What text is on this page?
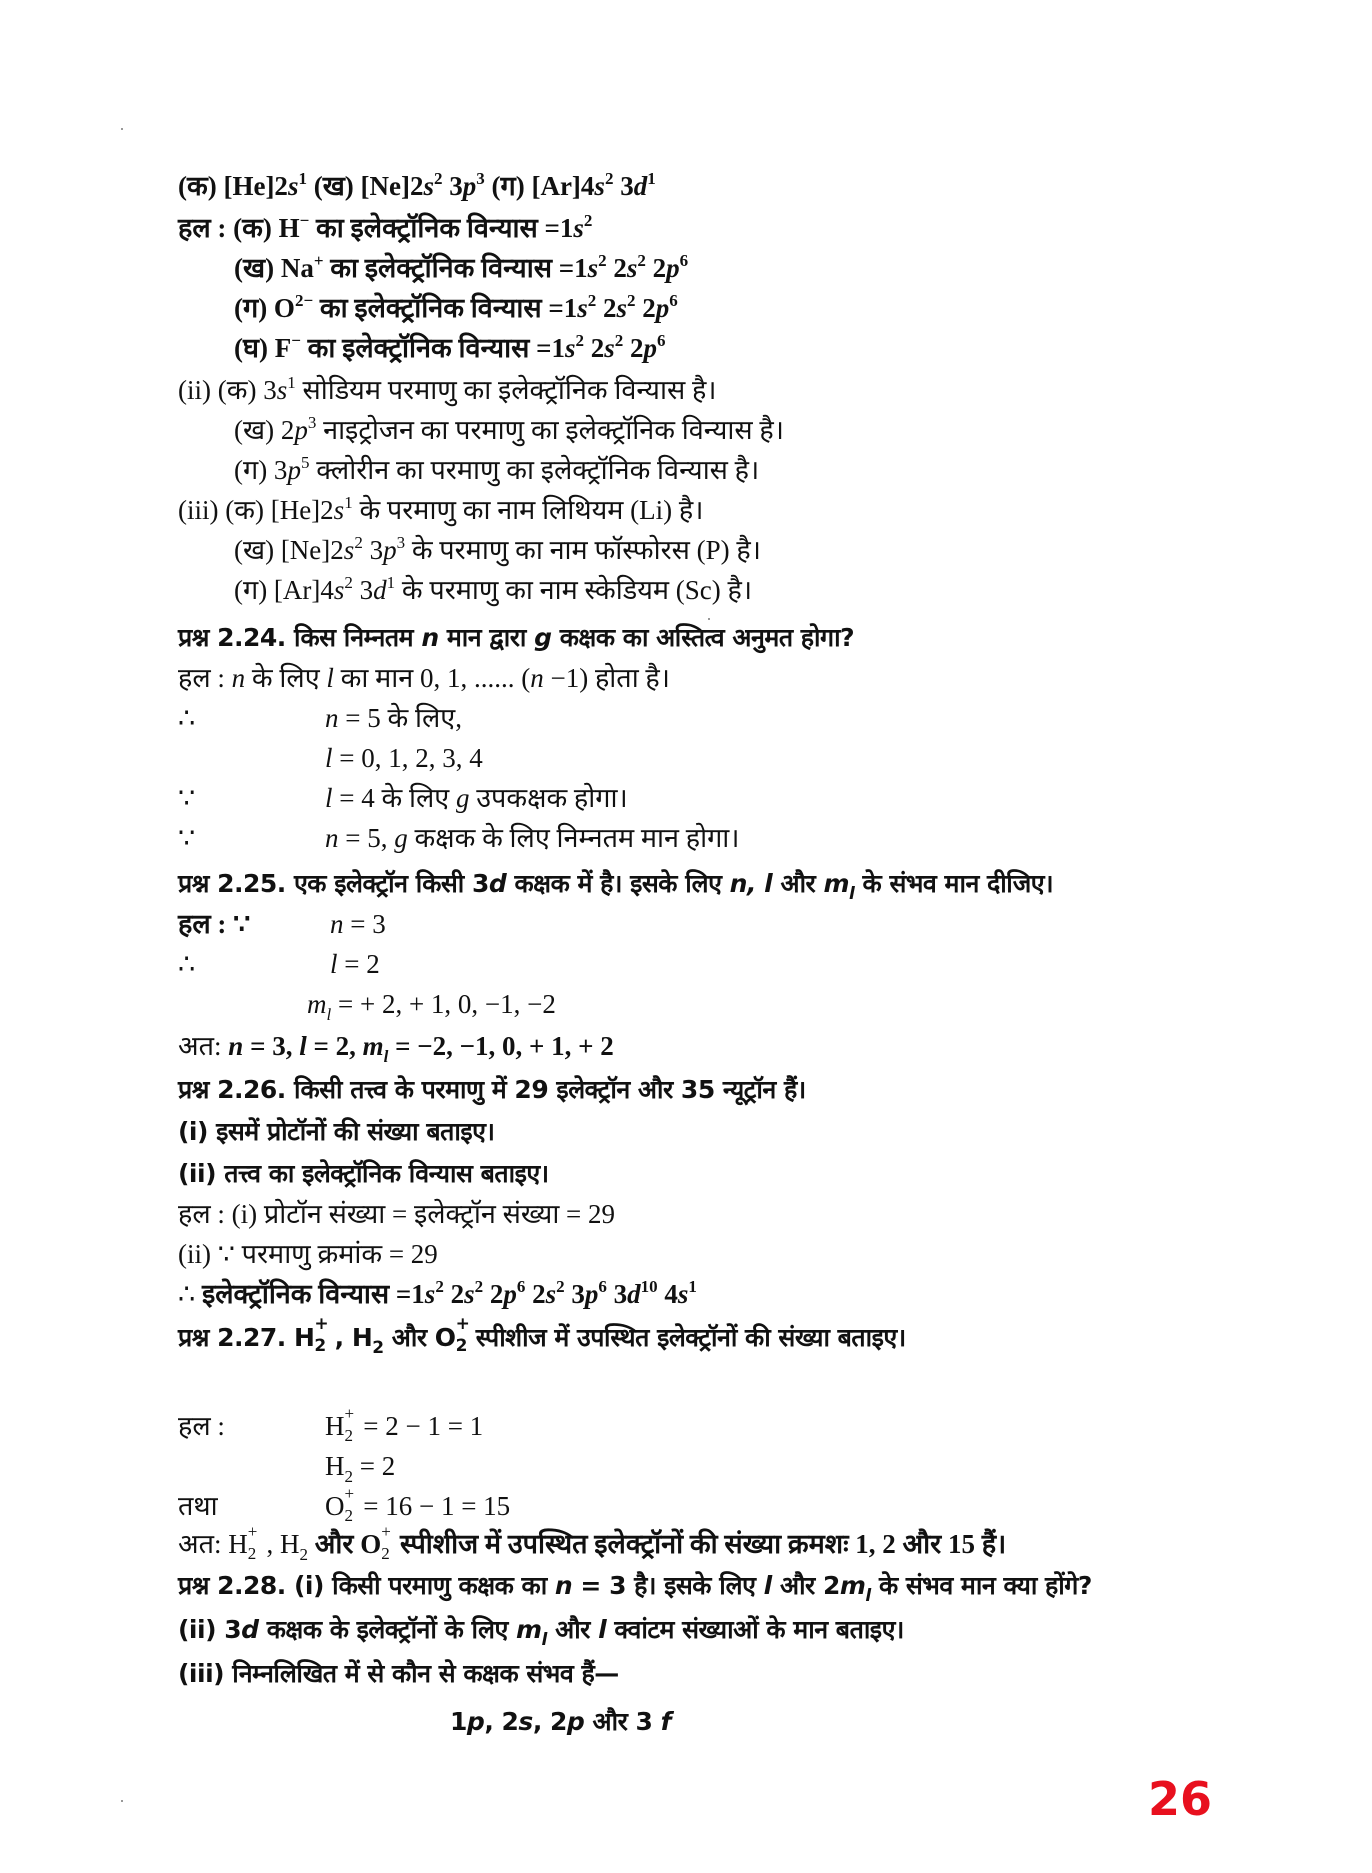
(क) $[He]2s^1$ (ख) $[Ne]2s^2$ $3p^3$ (ग) $[Ar]4s^2$ $3d^1$
हल : (क) H− का इलेक्ट्रॉनिक विन्यास $=1s^2$
(ख) Na+ का इलेक्ट्रॉनिक विन्यास $=1s^2$ $2s^2$ $2p^6$
(ग) $O^{2-}$ का इलेक्ट्रॉनिक विन्यास $=1s^2$ $2s^2$ $2p^6$
(घ) F− का इलेक्ट्रॉनिक विन्यास $=1s^2$ $2s^2$ $2p^6$
(ii) (क) $3s^1$ सोडियम परमाणु का इलेक्ट्रॉनिक विन्यास है।
(ख) $2p^3$ नाइट्रोजन का परमाणु का इलेक्ट्रॉनिक विन्यास है।
(ग) $3p^5$ क्लोरीन का परमाणु का इलेक्ट्रॉनिक विन्यास है।
(iii) (क) $[He]2s^1$ के परमाणु का नाम लिथियम (Li) है।
(ख) $[Ne]2s^2$ $3p^3$ के परमाणु का नाम फॉस्फोरस (P) है।
(ग) $[Ar]4s^2$ $3d^1$ के परमाणु का नाम स्केडियम (Sc) है।
प्रश्न 2.24. किस निम्नतम n मान द्वारा g कक्षक का अस्तित्व अनुमत होगा?
हल : n के लिए l का मान 0, 1, ...... (n −1) होता है।
∴	n = 5 के लिए,
l = 0, 1, 2, 3, 4
∵	l = 4 के लिए g उपकक्षक होगा।
∵	n = 5, g कक्षक के लिए निम्नतम मान होगा।
प्रश्न 2.25. एक इलेक्ट्रॉन किसी 3d कक्षक में है। इसके लिए n, l और $m_l$ के संभव मान दीजिए।
हल : ∵	n = 3
∴	l = 2
$m_l$ = + 2, + 1, 0, −1, −2
अत: n = 3, l = 2, $m_l = -2$, −1, 0, + 1, + 2
प्रश्न 2.26. किसी तत्त्व के परमाणु में 29 इलेक्ट्रॉन और 35 न्यूट्रॉन हैं।
(i) इसमें प्रोटॉनों की संख्या बताइए।
(ii) तत्त्व का इलेक्ट्रॉनिक विन्यास बताइए।
हल : (i) प्रोटॉन संख्या = इलेक्ट्रॉन संख्या = 29
(ii) ∵ परमाणु क्रमांक = 29
∴ इलेक्ट्रॉनिक विन्यास $=1s^2$ $2s^2$ $2p^6$ $2s^2$ $3p^6$ $3d^{10}$ $4s^1$
प्रश्न 2.27. H +
2 , $H_2$ और O +
2 स्पीशीज में उपस्थित इलेक्ट्रॉनों की संख्या बताइए।
हल :	H +
2 = 2 − 1 = 1
$H_2 = 2$
तथा	O +
2 = 16 − 1 = 15
अत: H +
2 , $H_2$ और O +
2 स्पीशीज में उपस्थित इलेक्ट्रॉनों की संख्या क्रमशः 1, 2 और 15 हैं।
प्रश्न 2.28. (i) किसी परमाणु कक्षक का n = 3 है। इसके लिए l और $2m_l$ के संभव मान क्या होंगे?
(ii) 3d कक्षक के इलेक्ट्रॉनों के लिए $m_l$ और l क्वांटम संख्याओं के मान बताइए।
(iii) निम्नलिखित में से कौन से कक्षक संभव हैं—
1p, 2s, 2p और 3 f
26
